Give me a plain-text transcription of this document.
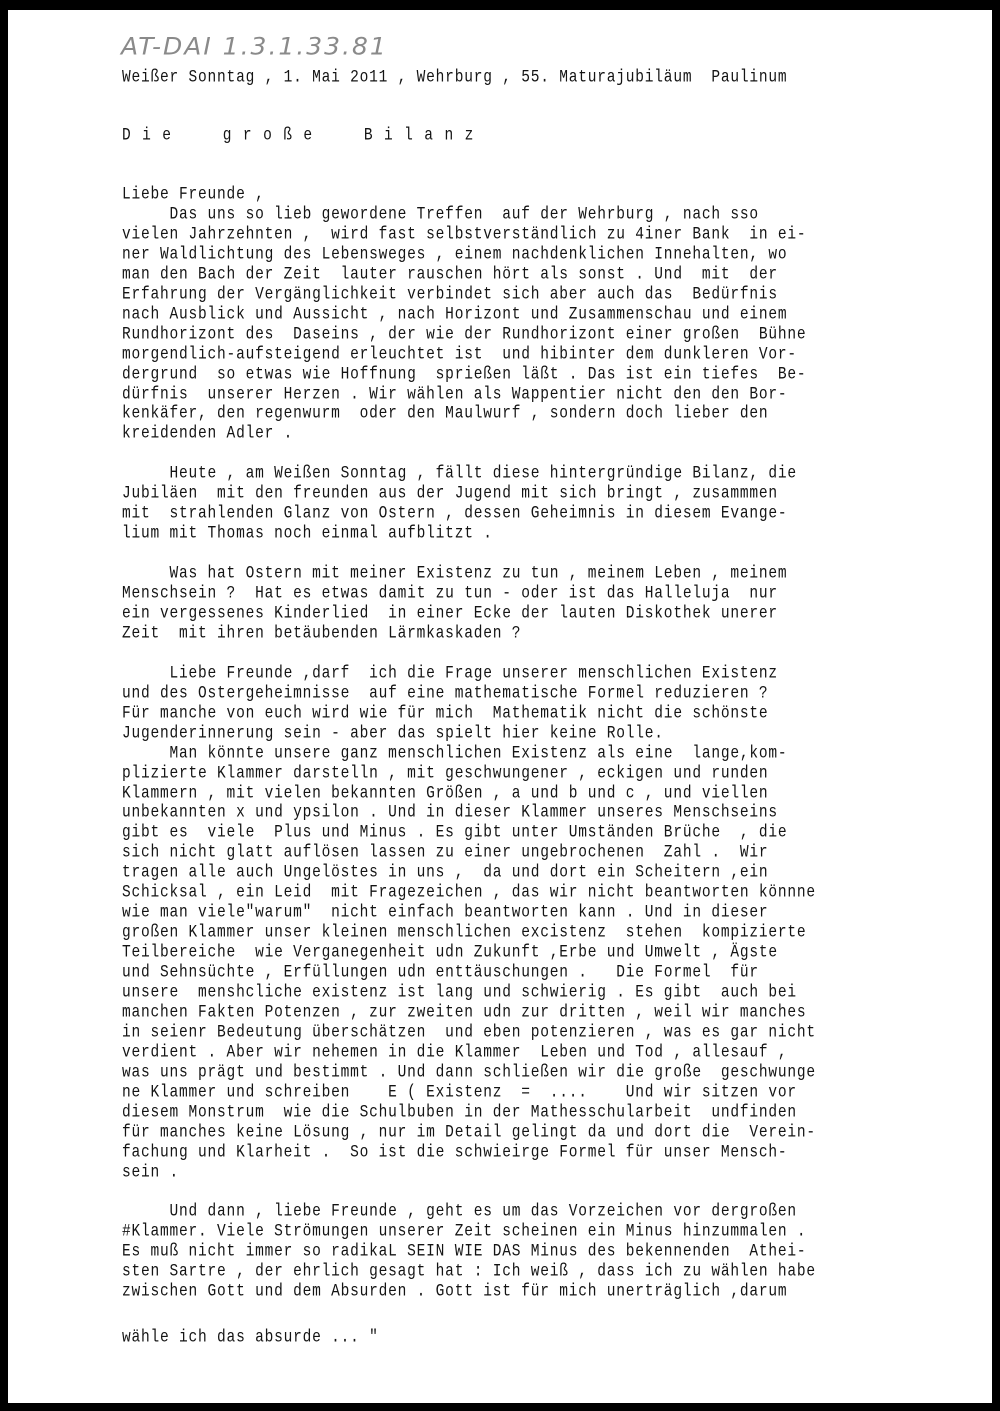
AT-DAI 1.3.1.33.81
Weißer Sonntag , 1. Mai 2o11 , Wehrburg , 55. Maturajubiläum  Paulinum
Die  große  Bilanz
Liebe Freunde ,
Das uns so lieb gewordene Treffen  auf der Wehrburg , nach sso
vielen Jahrzehnten ,  wird fast selbstverständlich zu 4iner Bank  in ei-
ner Waldlichtung des Lebensweges , einem nachdenklichen Innehalten, wo
man den Bach der Zeit  lauter rauschen hört als sonst . Und  mit  der
Erfahrung der Vergänglichkeit verbindet sich aber auch das  Bedürfnis
nach Ausblick und Aussicht , nach Horizont und Zusammenschau und einem
Rundhorizont des  Daseins , der wie der Rundhorizont einer großen  Bühne
morgendlich-aufsteigend erleuchtet ist  und hibinter dem dunkleren Vor-
dergrund  so etwas wie Hoffnung  sprießen läßt . Das ist ein tiefes  Be-
dürfnis  unserer Herzen . Wir wählen als Wappentier nicht den den Bor-
kenkäfer, den regenwurm  oder den Maulwurf , sondern doch lieber den
kreidenden Adler .
Heute , am Weißen Sonntag , fällt diese hintergründige Bilanz, die
Jubiläen  mit den freunden aus der Jugend mit sich bringt , zusammmen
mit  strahlenden Glanz von Ostern , dessen Geheimnis in diesem Evange-
lium mit Thomas noch einmal aufblitzt .
Was hat Ostern mit meiner Existenz zu tun , meinem Leben , meinem
Menschsein ?  Hat es etwas damit zu tun - oder ist das Halleluja  nur
ein vergessenes Kinderlied  in einer Ecke der lauten Diskothek unerer
Zeit  mit ihren betäubenden Lärmkaskaden ?
Liebe Freunde ,darf  ich die Frage unserer menschlichen Existenz
und des Ostergeheimnisse  auf eine mathematische Formel reduzieren ?
Für manche von euch wird wie für mich  Mathematik nicht die schönste
Jugenderinnerung sein - aber das spielt hier keine Rolle.
Man könnte unsere ganz menschlichen Existenz als eine  lange,kom-
plizierte Klammer darstelln , mit geschwungener , eckigen und runden
Klammern , mit vielen bekannten Größen , a und b und c , und viellen
unbekannten x und ypsilon . Und in dieser Klammer unseres Menschseins
gibt es  viele  Plus und Minus . Es gibt unter Umständen Brüche  , die
sich nicht glatt auflösen lassen zu einer ungebrochenen  Zahl .  Wir
tragen alle auch Ungelöstes in uns ,  da und dort ein Scheitern ,ein
Schicksal , ein Leid  mit Fragezeichen , das wir nicht beantworten könnne
wie man viele"warum"  nicht einfach beantworten kann . Und in dieser
großen Klammer unser kleinen menschlichen excistenz  stehen  kompizierte
Teilbereiche  wie Verganegenheit udn Zukunft ,Erbe und Umwelt , Ägste
und Sehnsüchte , Erfüllungen udn enttäuschungen .   Die Formel  für
unsere  menshcliche existenz ist lang und schwierig . Es gibt  auch bei
manchen Fakten Potenzen , zur zweiten udn zur dritten , weil wir manches
in seienr Bedeutung überschätzen  und eben potenzieren , was es gar nicht
verdient . Aber wir nehemen in die Klammer  Leben und Tod , allesauf ,
was uns prägt und bestimmt . Und dann schließen wir die große  geschwunge
ne Klammer und schreiben    E ( Existenz  =  ....    Und wir sitzen vor
diesem Monstrum  wie die Schulbuben in der Mathesschularbeit  undfinden
für manches keine Lösung , nur im Detail gelingt da und dort die  Verein-
fachung und Klarheit .  So ist die schwieirge Formel für unser Mensch-
sein .
Und dann , liebe Freunde , geht es um das Vorzeichen vor dergroßen
#Klammer. Viele Strömungen unserer Zeit scheinen ein Minus hinzummalen .
Es muß nicht immer so radikaL SEIN WIE DAS Minus des bekennenden  Athei-
sten Sartre , der ehrlich gesagt hat : Ich weiß , dass ich zu wählen habe
zwischen Gott und dem Absurden . Gott ist für mich unerträglich ,darum
wähle ich das absurde ... "
